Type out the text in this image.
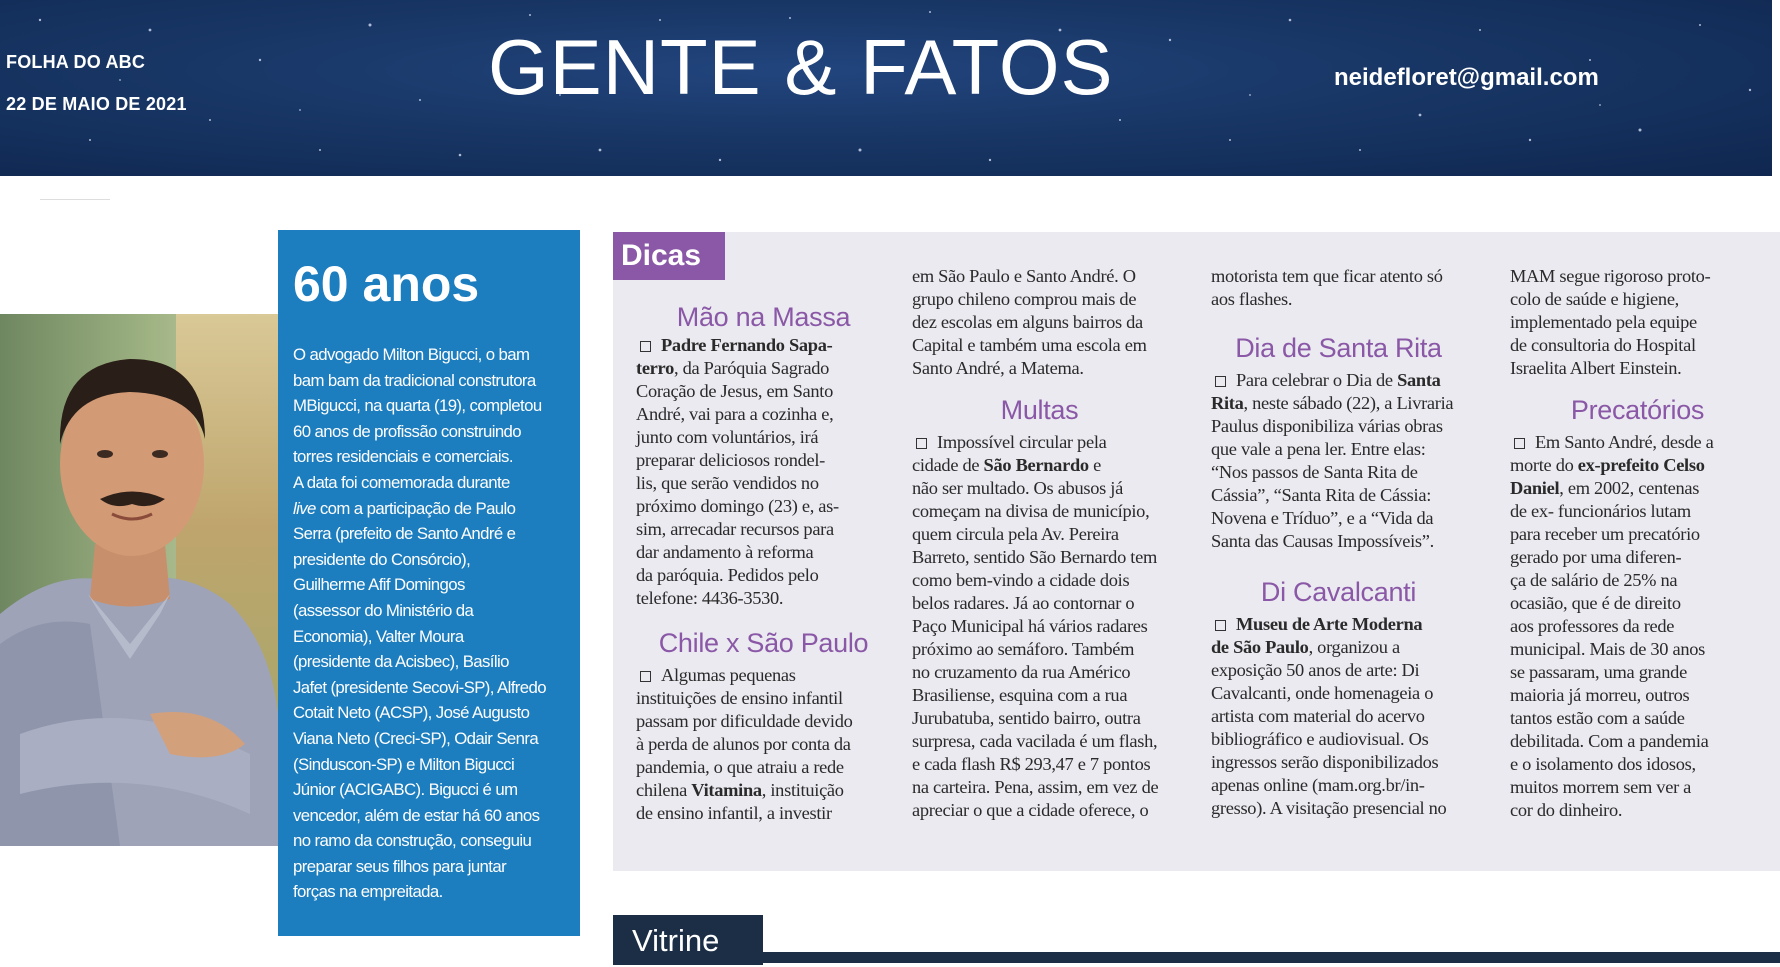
FOLHA DO ABC
22 DE MAIO DE 2021	GENTE & FATOS	neidefloret@gmail.com
60 anos
O advogado Milton Bigucci, o bam
bam bam da tradicional construtora
MBigucci, na quarta (19), completou
60 anos de profissão construindo
torres residenciais e comerciais.
A data foi comemorada durante
live com a participação de Paulo
Serra (prefeito de Santo André e
presidente do Consórcio),
Guilherme Afif Domingos
(assessor do Ministério da
Economia), Valter Moura
(presidente da Acisbec), Basílio
Jafet (presidente Secovi-SP), Alfredo
Cotait Neto (ACSP), José Augusto
Viana Neto (Creci-SP), Odair Senra
(Sinduscon-SP) e Milton Bigucci
Júnior (ACIGABC). Bigucci é um
vencedor, além de estar há 60 anos
no ramo da construção, conseguiu
preparar seus filhos para juntar
forças na empreitada.
Dicas

Mão na Massa

Padre Fernando Sapa-

terro, da Paróquia Sagrado

Coração de Jesus, em Santo

André, vai para a cozinha e,

junto com voluntários, irá

preparar deliciosos rondel-

lis, que serão vendidos no

próximo domingo (23) e, as-

sim, arrecadar recursos para

dar andamento à reforma

da paróquia. Pedidos pelo

telefone: 4436-3530.

Chile x São Paulo

Algumas pequenas

instituições de ensino infantil

passam por dificuldade devido

à perda de alunos por conta da

pandemia, o que atraiu a rede

chilena Vitamina, instituição

de ensino infantil, a investir

em São Paulo e Santo André. O

grupo chileno comprou mais de

dez escolas em alguns bairros da

Capital e também uma escola em

Santo André, a Matema.

Multas

Impossível circular pela

cidade de São Bernardo e

não ser multado. Os abusos já

começam na divisa de município,

quem circula pela Av. Pereira

Barreto, sentido São Bernardo tem

como bem-vindo a cidade dois

belos radares. Já ao contornar o

Paço Municipal há vários radares

próximo ao semáforo. Também

no cruzamento da rua Américo

Brasiliense, esquina com a rua

Jurubatuba, sentido bairro, outra

surpresa, cada vacilada é um flash,

e cada flash R$ 293,47 e 7 pontos

na carteira. Pena, assim, em vez de

apreciar o que a cidade oferece, o

motorista tem que ficar atento só

aos flashes.

Dia de Santa Rita

Para celebrar o Dia de Santa

Rita, neste sábado (22), a Livraria

Paulus disponibiliza várias obras

que vale a pena ler. Entre elas:

“Nos passos de Santa Rita de

Cássia”, “Santa Rita de Cássia:

Novena e Tríduo”, e a “Vida da

Santa das Causas Impossíveis”.

Di Cavalcanti

Museu de Arte Moderna

de São Paulo, organizou a

exposição 50 anos de arte: Di

Cavalcanti, onde homenageia o

artista com material do acervo

bibliográfico e audiovisual. Os

ingressos serão disponibilizados

apenas online (mam.org.br/in-

gresso). A visitação presencial no

MAM segue rigoroso proto-

colo de saúde e higiene,

implementado pela equipe

de consultoria do Hospital

Israelita Albert Einstein.

Precatórios

Em Santo André, desde a

morte do ex-prefeito Celso

Daniel, em 2002, centenas

de ex- funcionários lutam

para receber um precatório

gerado por uma diferen-

ça de salário de 25% na

ocasião, que é de direito

aos professores da rede

municipal. Mais de 30 anos

se passaram, uma grande

maioria já morreu, outros

tantos estão com a saúde

debilitada. Com a pandemia

e o isolamento dos idosos,

muitos morrem sem ver a

cor do dinheiro.

Vitrine
